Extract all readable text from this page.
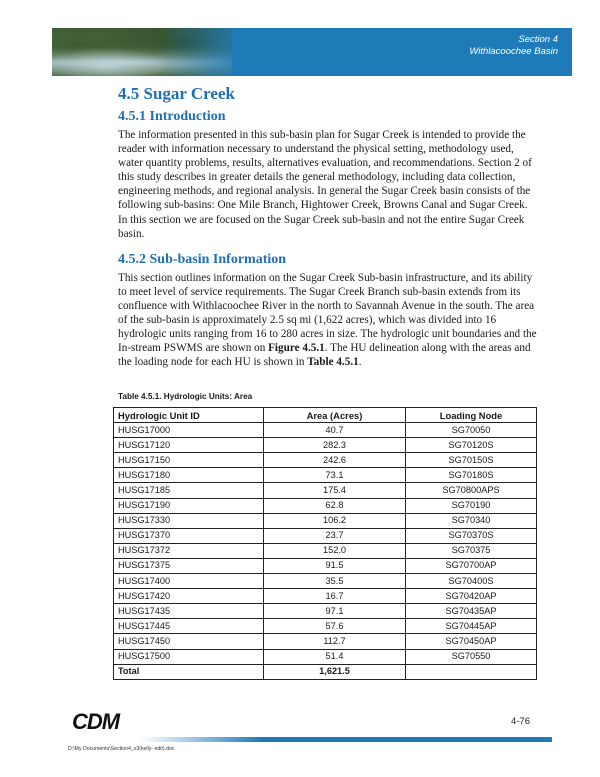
Section 4
Withlacoochee Basin
4.5 Sugar Creek
4.5.1 Introduction

The information presented in this sub-basin plan for Sugar Creek is intended to provide the reader with information necessary to understand the physical setting, methodology used, water quantity problems, results, alternatives evaluation, and recommendations. Section 2 of this study describes in greater details the general methodology, including data collection, engineering methods, and regional analysis. In general the Sugar Creek basin consists of the following sub-basins: One Mile Branch, Hightower Creek, Browns Canal and Sugar Creek. In this section we are focused on the Sugar Creek sub-basin and not the entire Sugar Creek basin.

4.5.2 Sub-basin Information

This section outlines information on the Sugar Creek Sub-basin infrastructure, and its ability to meet level of service requirements. The Sugar Creek Branch sub-basin extends from its confluence with Withlacoochee River in the north to Savannah Avenue in the south. The area of the sub-basin is approximately 2.5 sq mi (1,622 acres), which was divided into 16 hydrologic units ranging from 16 to 280 acres in size. The hydrologic unit boundaries and the In-stream PSWMS are shown on Figure 4.5.1. The HU delineation along with the areas and the loading node for each HU is shown in Table 4.5.1.

Table 4.5.1. Hydrologic Units: Area
Hydrologic Unit ID	Area (Acres)	Loading Node
HUSG17000	40.7	SG70050
HUSG17120	282.3	SG70120S
HUSG17150	242.6	SG70150S
HUSG17180	73.1	SG70180S
HUSG17185	175.4	SG70800APS
HUSG17190	62.8	SG70190
HUSG17330	106.2	SG70340
HUSG17370	23.7	SG70370S
HUSG17372	152.0	SG70375
HUSG17375	91.5	SG70700AP
HUSG17400	35.5	SG70400S
HUSG17420	16.7	SG70420AP
HUSG17435	97.1	SG70435AP
HUSG17445	57.6	SG70445AP
HUSG17450	112.7	SG70450AP
HUSG17500	51.4	SG70550
Total	1,621.5	
CDM	4-76
D:\My Documents\Section4_v3(kelly- edit).doc
